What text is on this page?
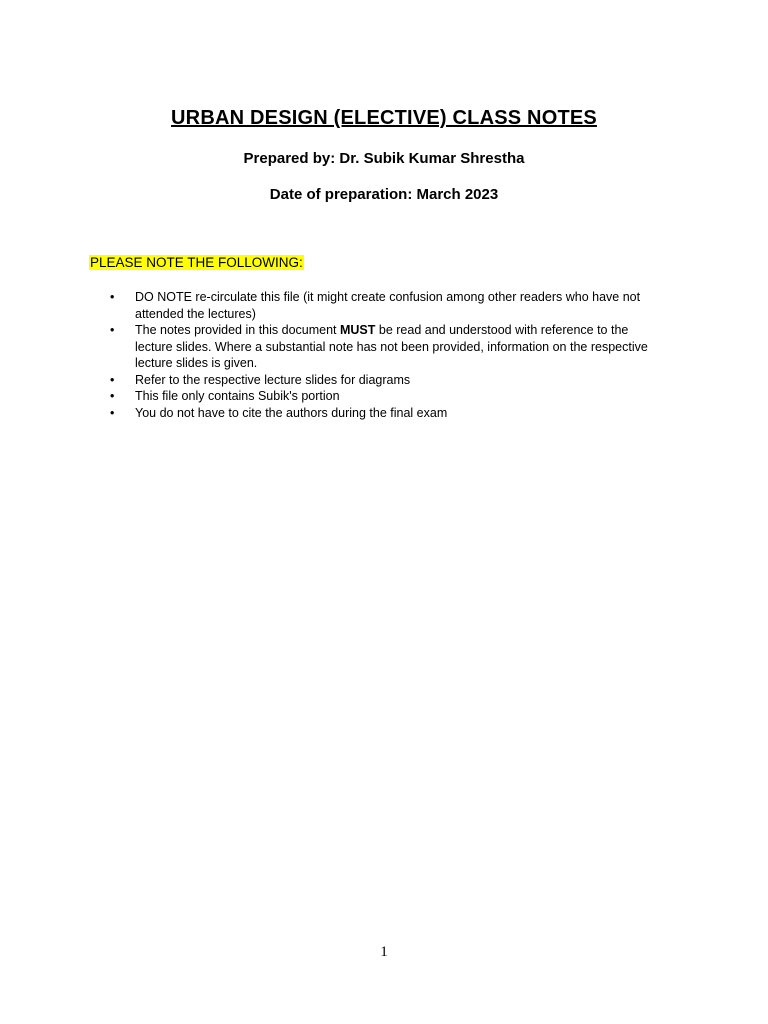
URBAN DESIGN (ELECTIVE) CLASS NOTES
Prepared by: Dr. Subik Kumar Shrestha
Date of preparation: March 2023
PLEASE NOTE THE FOLLOWING:
• DO NOTE re-circulate this file (it might create confusion among other readers who have not attended the lectures)
• The notes provided in this document MUST be read and understood with reference to the lecture slides. Where a substantial note has not been provided, information on the respective lecture slides is given.
• Refer to the respective lecture slides for diagrams
• This file only contains Subik's portion
• You do not have to cite the authors during the final exam
1
